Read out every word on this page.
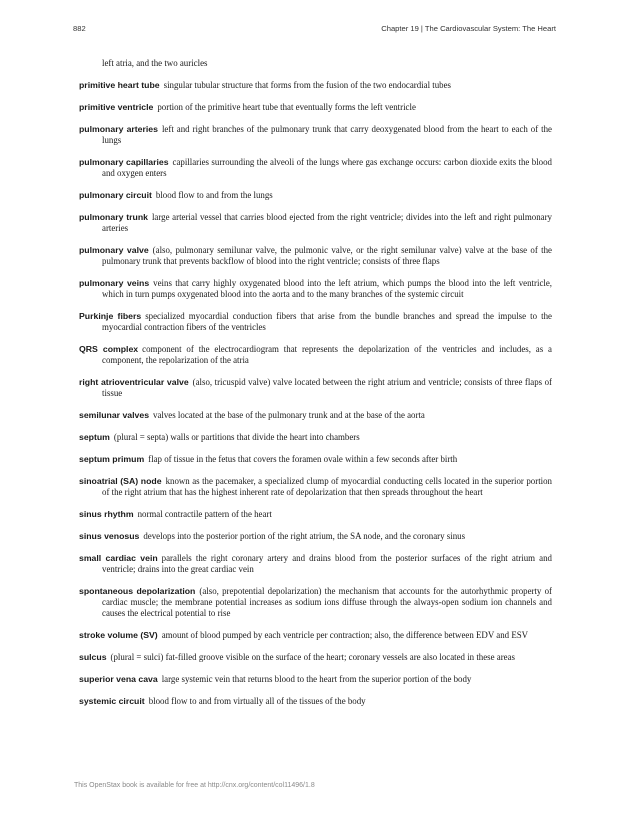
882	Chapter 19 | The Cardiovascular System: The Heart

left atria, and the two auricles

primitive heart tube singular tubular structure that forms from the fusion of the two endocardial tubes

primitive ventricle portion of the primitive heart tube that eventually forms the left ventricle

pulmonary arteries left and right branches of the pulmonary trunk that carry deoxygenated blood from the heart to each of the lungs

pulmonary capillaries capillaries surrounding the alveoli of the lungs where gas exchange occurs: carbon dioxide exits the blood and oxygen enters

pulmonary circuit blood flow to and from the lungs

pulmonary trunk large arterial vessel that carries blood ejected from the right ventricle; divides into the left and right pulmonary arteries

pulmonary valve (also, pulmonary semilunar valve, the pulmonic valve, or the right semilunar valve) valve at the base of the pulmonary trunk that prevents backflow of blood into the right ventricle; consists of three flaps

pulmonary veins veins that carry highly oxygenated blood into the left atrium, which pumps the blood into the left ventricle, which in turn pumps oxygenated blood into the aorta and to the many branches of the systemic circuit

Purkinje fibers specialized myocardial conduction fibers that arise from the bundle branches and spread the impulse to the myocardial contraction fibers of the ventricles

QRS complex component of the electrocardiogram that represents the depolarization of the ventricles and includes, as a component, the repolarization of the atria

right atrioventricular valve (also, tricuspid valve) valve located between the right atrium and ventricle; consists of three flaps of tissue

semilunar valves valves located at the base of the pulmonary trunk and at the base of the aorta

septum (plural = septa) walls or partitions that divide the heart into chambers

septum primum flap of tissue in the fetus that covers the foramen ovale within a few seconds after birth

sinoatrial (SA) node known as the pacemaker, a specialized clump of myocardial conducting cells located in the superior portion of the right atrium that has the highest inherent rate of depolarization that then spreads throughout the heart

sinus rhythm normal contractile pattern of the heart

sinus venosus develops into the posterior portion of the right atrium, the SA node, and the coronary sinus

small cardiac vein parallels the right coronary artery and drains blood from the posterior surfaces of the right atrium and ventricle; drains into the great cardiac vein

spontaneous depolarization (also, prepotential depolarization) the mechanism that accounts for the autorhythmic property of cardiac muscle; the membrane potential increases as sodium ions diffuse through the always-open sodium ion channels and causes the electrical potential to rise

stroke volume (SV) amount of blood pumped by each ventricle per contraction; also, the difference between EDV and ESV

sulcus (plural = sulci) fat-filled groove visible on the surface of the heart; coronary vessels are also located in these areas

superior vena cava large systemic vein that returns blood to the heart from the superior portion of the body

systemic circuit blood flow to and from virtually all of the tissues of the body

This OpenStax book is available for free at http://cnx.org/content/col11496/1.8
